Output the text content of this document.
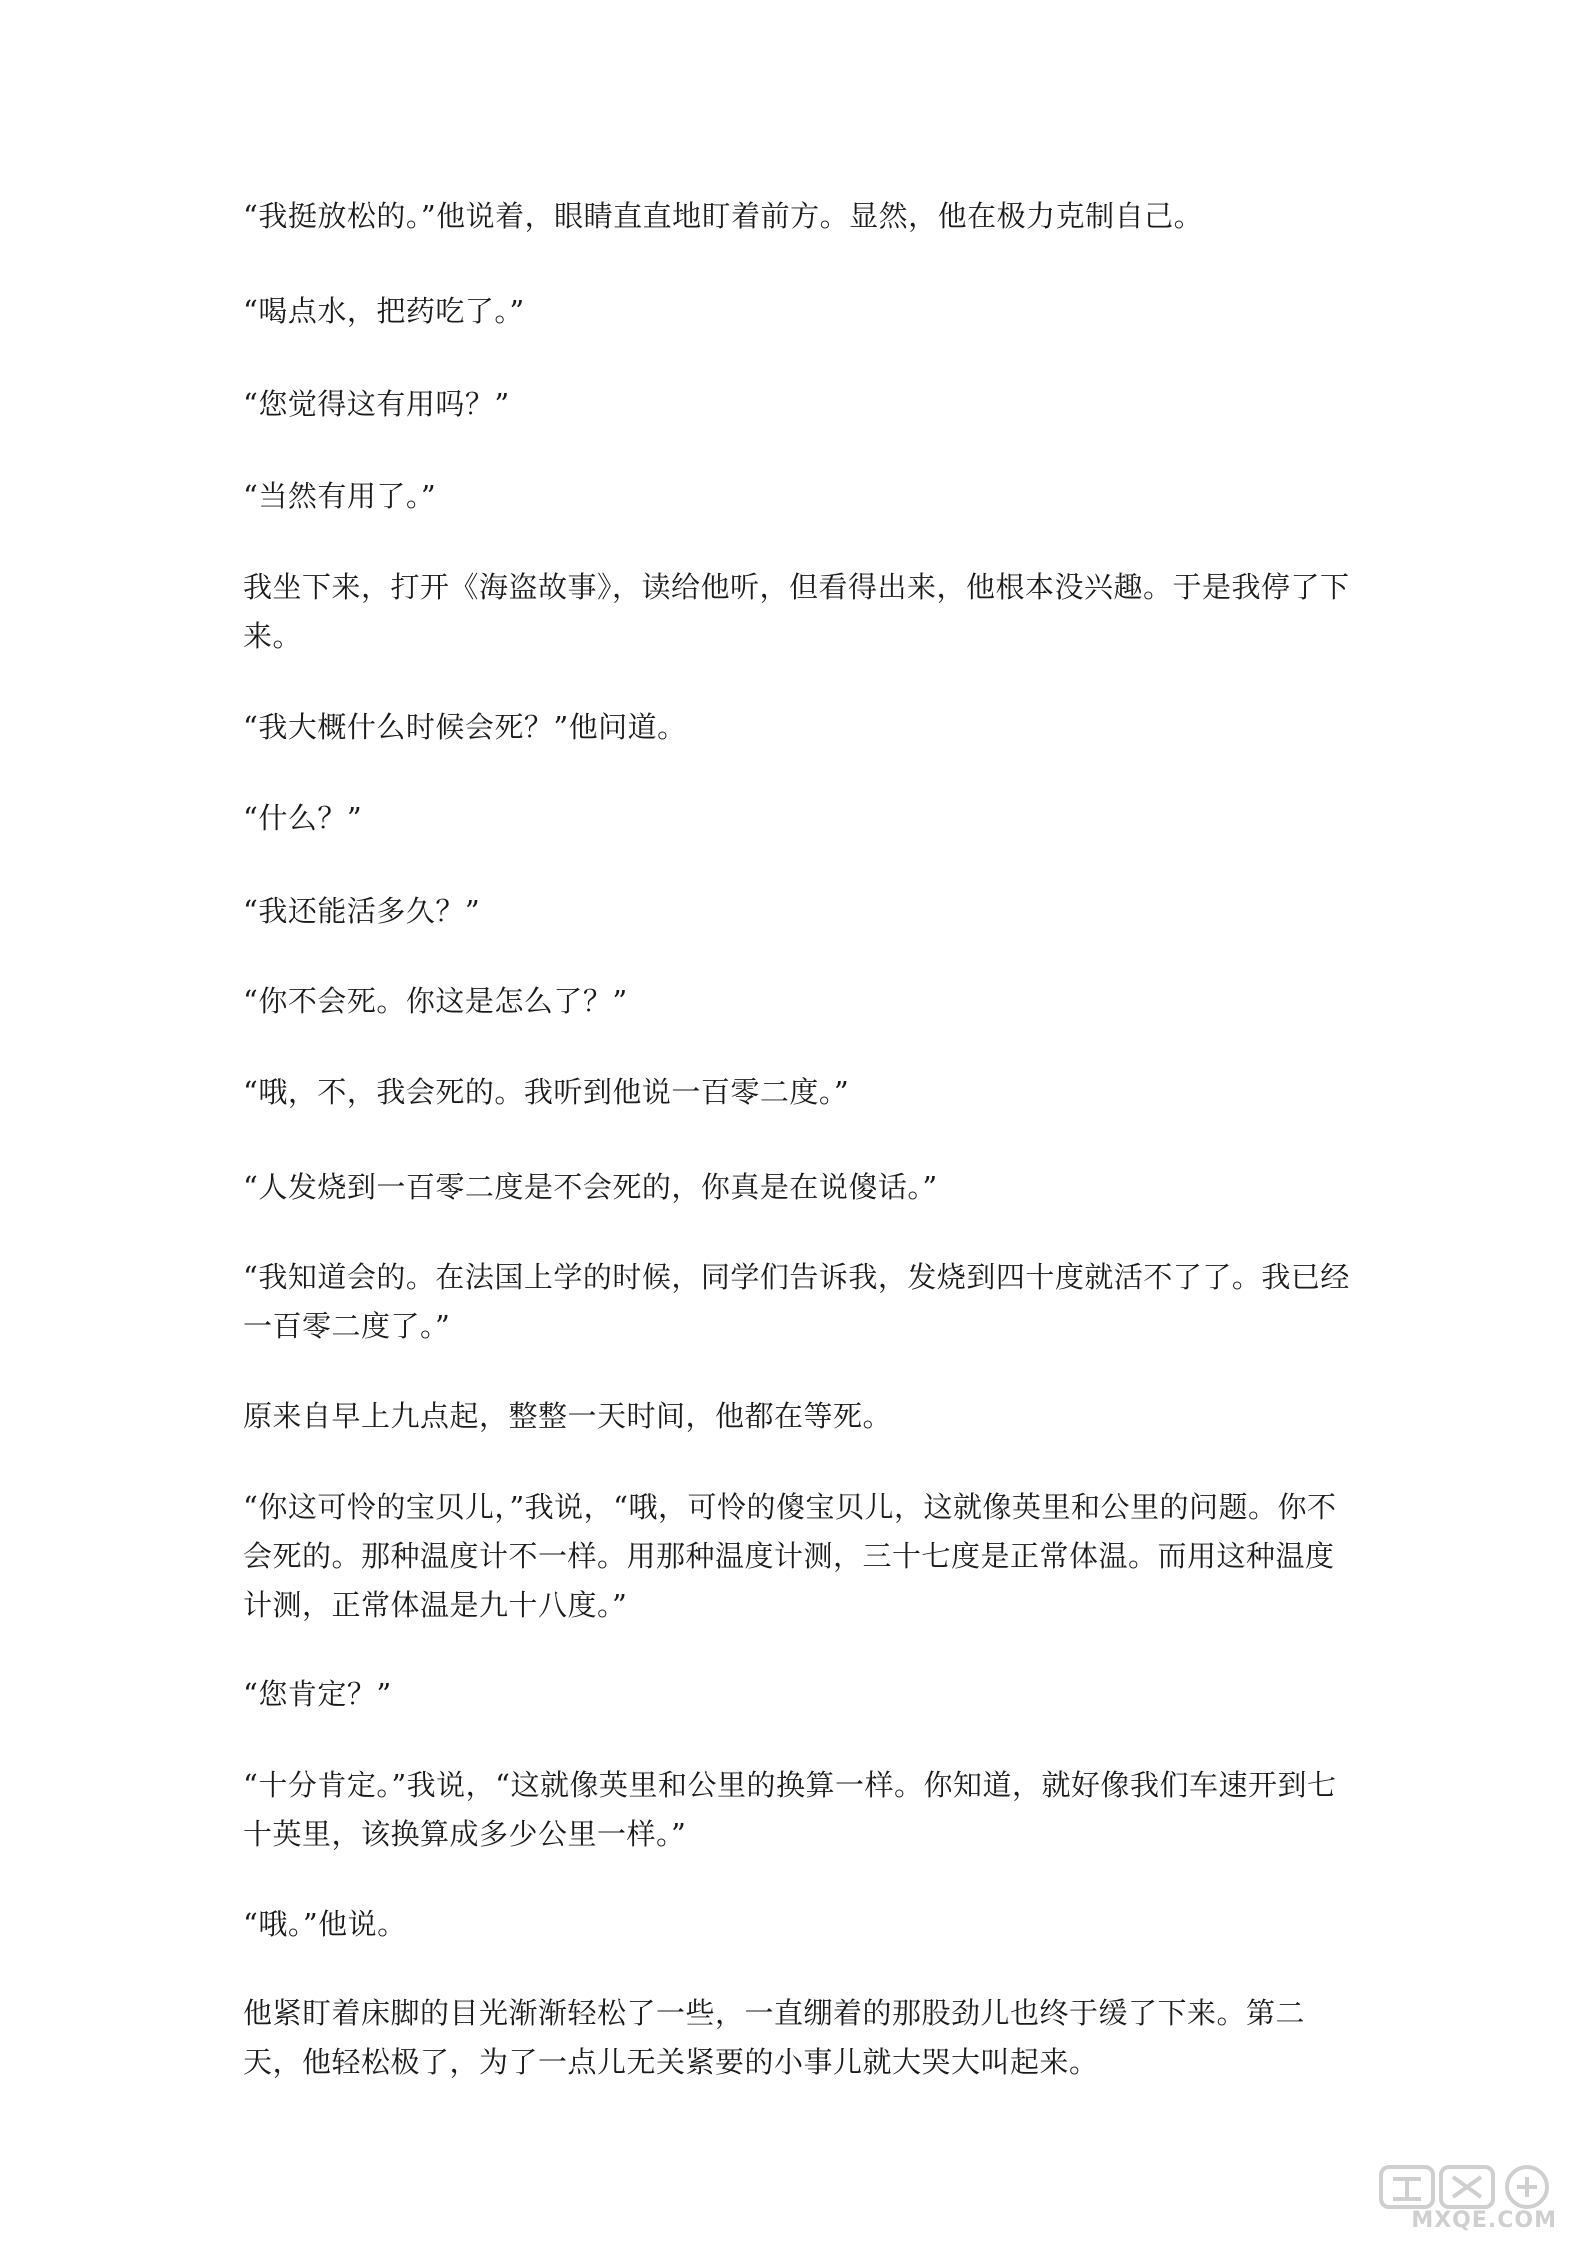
“我挺放松的。”他说着，眼睛直直地盯着前方。显然，他在极力克制自己。

“喝点水，把药吃了。”

“您觉得这有用吗？”

“当然有用了。”

我坐下来，打开《海盗故事》，读给他听，但看得出来，他根本没兴趣。于是我停了下来。

“我大概什么时候会死？”他问道。

“什么？”

“我还能活多久？”

“你不会死。你这是怎么了？”

“哦，不，我会死的。我听到他说一百零二度。”

“人发烧到一百零二度是不会死的，你真是在说傻话。”

“我知道会的。在法国上学的时候，同学们告诉我，发烧到四十度就活不了了。我已经一百零二度了。”

原来自早上九点起，整整一天时间，他都在等死。

“你这可怜的宝贝儿，”我说，“哦，可怜的傻宝贝儿，这就像英里和公里的问题。你不会死的。那种温度计不一样。用那种温度计测，三十七度是正常体温。而用这种温度计测，正常体温是九十八度。”

“您肯定？”

“十分肯定。”我说，“这就像英里和公里的换算一样。你知道，就好像我们车速开到七十英里，该换算成多少公里一样。”

“哦。”他说。

他紧盯着床脚的目光渐渐轻松了一些，一直绷着的那股劲儿也终于缓了下来。第二天，他轻松极了，为了一点儿无关紧要的小事儿就大哭大叫起来。

MXQE.COM
